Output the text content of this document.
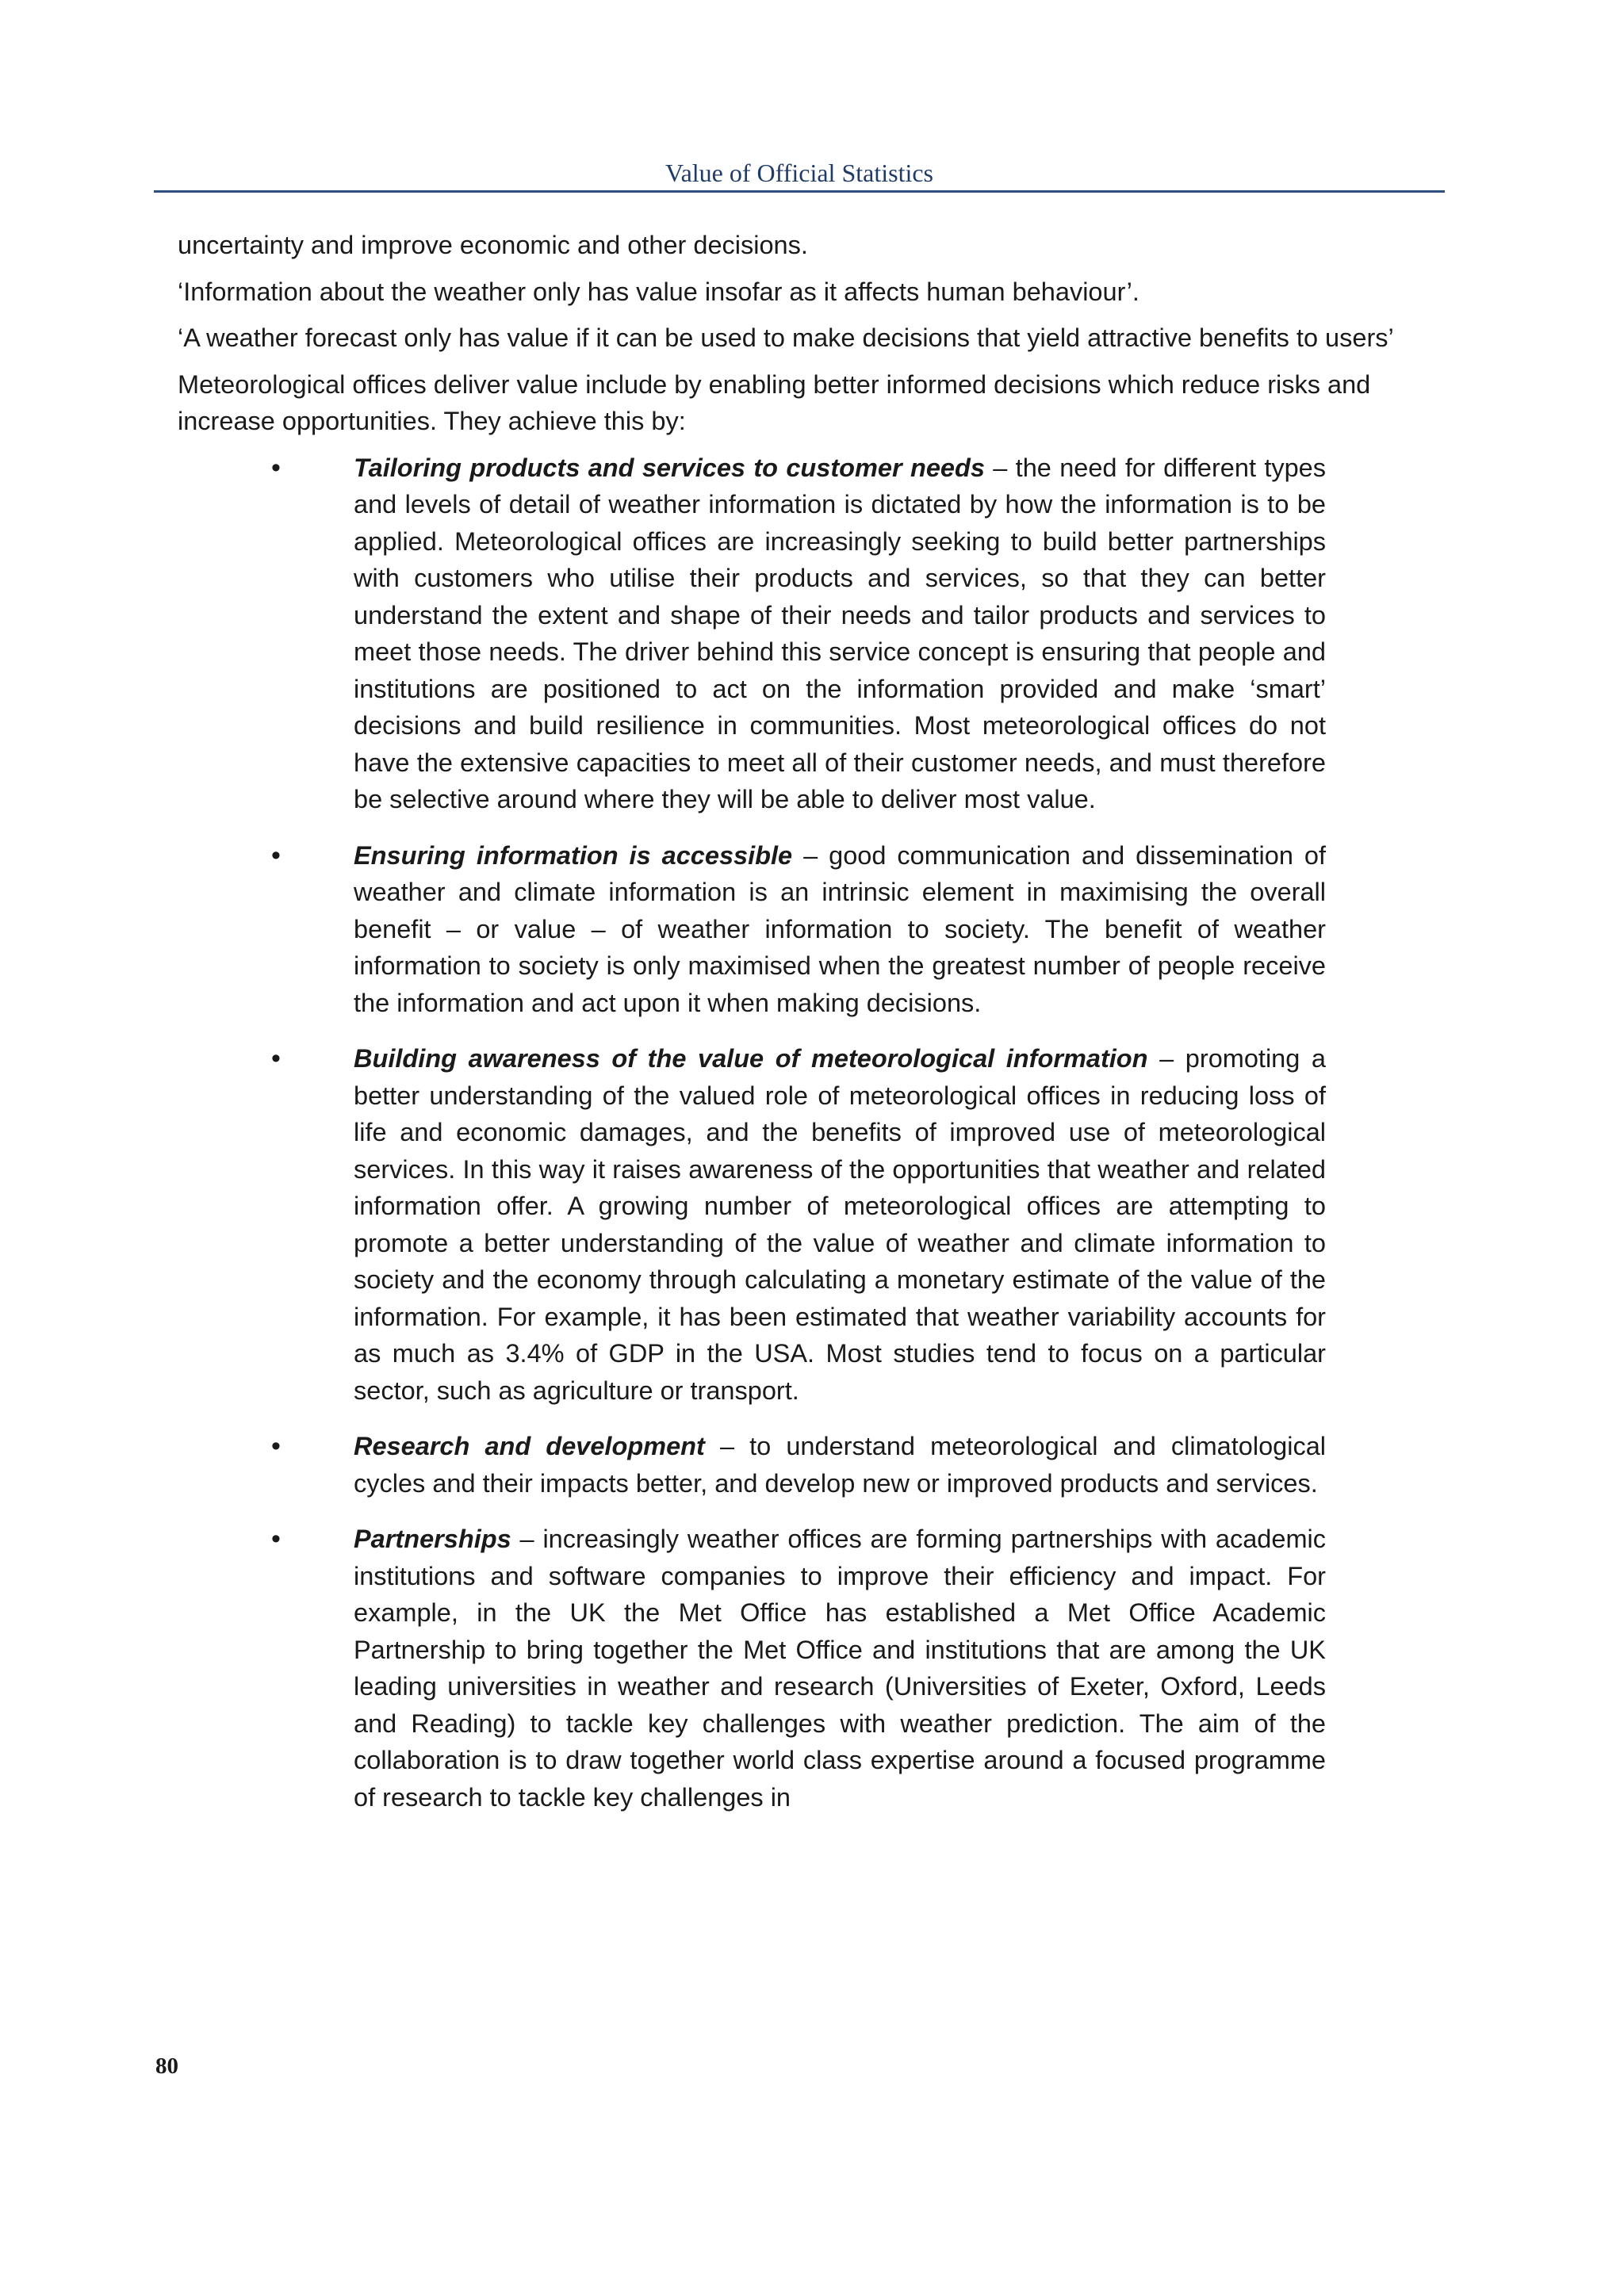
Value of Official Statistics

uncertainty and improve economic and other decisions.

‘Information about the weather only has value insofar as it affects human behaviour’.

‘A weather forecast only has value if it can be used to make decisions that yield attractive benefits to users’

Meteorological offices deliver value include by enabling better informed decisions which reduce risks and increase opportunities. They achieve this by:

•	Tailoring products and services to customer needs – the need for different types and levels of detail of weather information is dictated by how the information is to be applied. Meteorological offices are increasingly seeking to build better partnerships with customers who utilise their products and services, so that they can better understand the extent and shape of their needs and tailor products and services to meet those needs. The driver behind this service concept is ensuring that people and institutions are positioned to act on the information provided and make ‘smart’ decisions and build resilience in communities. Most meteorological offices do not have the extensive capacities to meet all of their customer needs, and must therefore be selective around where they will be able to deliver most value.
•	Ensuring information is accessible – good communication and dissemination of weather and climate information is an intrinsic element in maximising the overall benefit – or value – of weather information to society. The benefit of weather information to society is only maximised when the greatest number of people receive the information and act upon it when making decisions.
•	Building awareness of the value of meteorological information – promoting a better understanding of the valued role of meteorological offices in reducing loss of life and economic damages, and the benefits of improved use of meteorological services. In this way it raises awareness of the opportunities that weather and related information offer. A growing number of meteorological offices are attempting to promote a better understanding of the value of weather and climate information to society and the economy through calculating a monetary estimate of the value of the information. For example, it has been estimated that weather variability accounts for as much as 3.4% of GDP in the USA. Most studies tend to focus on a particular sector, such as agriculture or transport.
•	Research and development – to understand meteorological and climatological cycles and their impacts better, and develop new or improved products and services.
•	Partnerships – increasingly weather offices are forming partnerships with academic institutions and software companies to improve their efficiency and impact. For example, in the UK the Met Office has established a Met Office Academic Partnership to bring together the Met Office and institutions that are among the UK leading universities in weather and research (Universities of Exeter, Oxford, Leeds and Reading) to tackle key challenges with weather prediction. The aim of the collaboration is to draw together world class expertise around a focused programme of research to tackle key challenges in
80
